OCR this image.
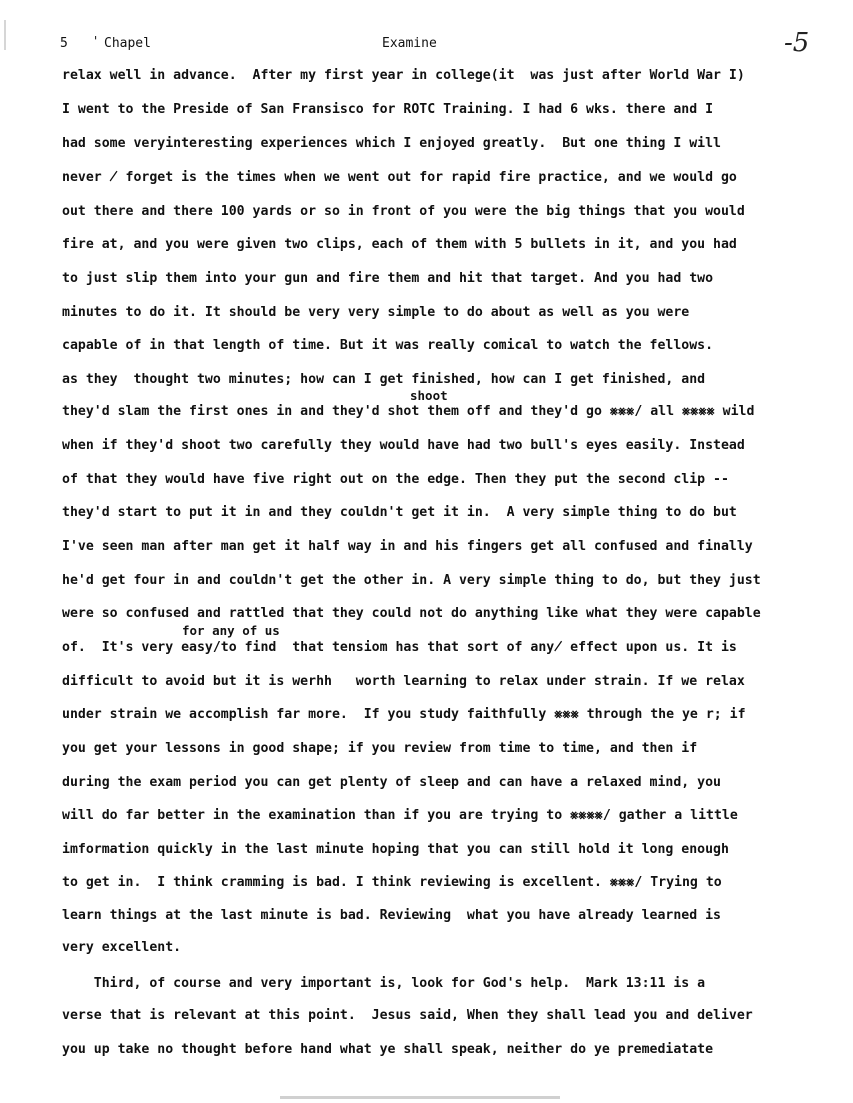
5 ' Chapel	Examine	-5
relax well in advance.  After my first year in college(it  was just after World War I)
I went to the Preside of San Fransisco for ROTC Training. I had 6 wks. there and I
had some veryinteresting experiences which I enjoyed greatly.  But one thing I will
never ̸ forget is the times when we went out for rapid fire practice, and we would go
out there and there 100 yards or so in front of you were the big things that you would
fire at, and you were given two clips, each of them with 5 bullets in it, and you had
to just slip them into your gun and fire them and hit that target. And you had two
minutes to do it. It should be very very simple to do about as well as you were
capable of in that length of time. But it was really comical to watch the fellows.
as they  thought two minutes; how can I get finished, how can I get finished, and
they'd slam the first ones in and they'd shot them off and they'd go ⨳⨳⨳/ all ⨳⨳⨳⨳ wild
when if they'd shoot two carefully they would have had two bull's eyes easily. Instead
of that they would have five right out on the edge. Then they put the second clip --
they'd start to put it in and they couldn't get it in.  A very simple thing to do but
I've seen man after man get it half way in and his fingers get all confused and finally
he'd get four in and couldn't get the other in. A very simple thing to do, but they just
were so confused and rattled that they could not do anything like what they were capable
of.  It's very easy/to find  that tensiom has that sort of any̸ effect upon us. It is
difficult to avoid but it is werhh   worth learning to relax under strain. If we relax
under strain we accomplish far more.  If you study faithfully ⨳⨳⨳ through the ye r; if
you get your lessons in good shape; if you review from time to time, and then if
during the exam period you can get plenty of sleep and can have a relaxed mind, you
will do far better in the examination than if you are trying to ⨳⨳⨳⨳/ gather a little
imformation quickly in the last minute hoping that you can still hold it long enough
to get in.  I think cramming is bad. I think reviewing is excellent. ⨳⨳⨳/ Trying to
learn things at the last minute is bad. Reviewing  what you have already learned is
very excellent.
Third, of course and very important is, look for God's help.  Mark 13:11 is a
verse that is relevant at this point.  Jesus said, When they shall lead you and deliver
you up take no thought before hand what ye shall speak, neither do ye premediatate
shoot
for any of us
